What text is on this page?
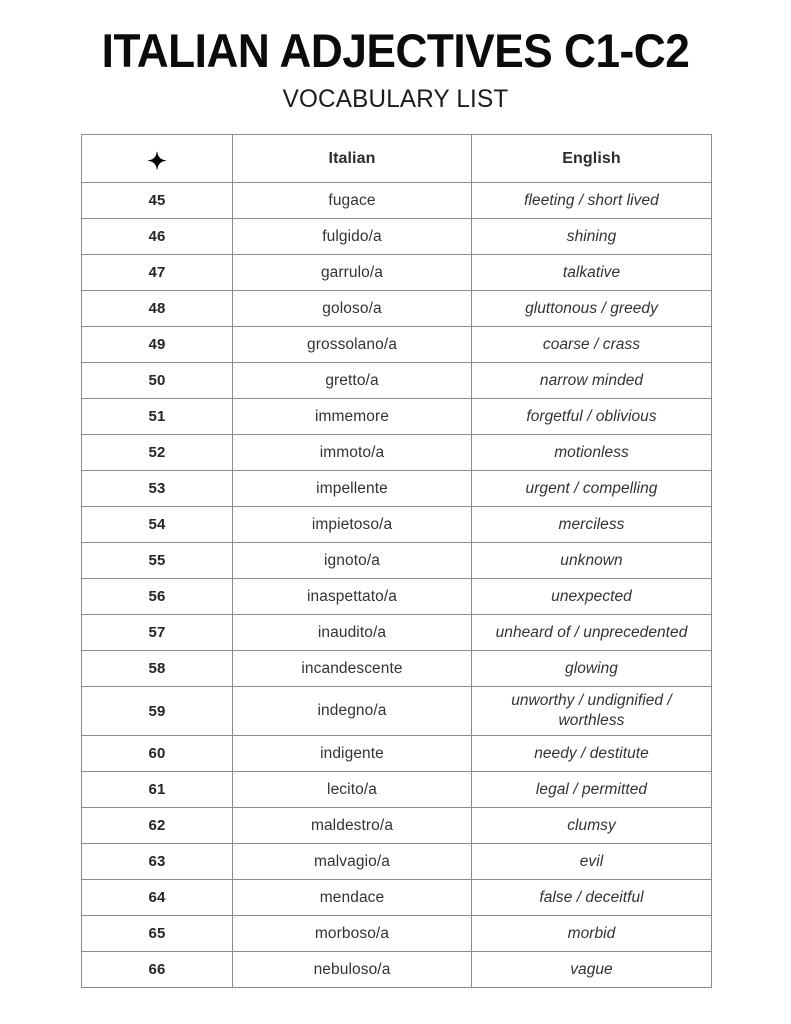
ITALIAN ADJECTIVES C1-C2
VOCABULARY LIST
✦	Italian	English
45	fugace	fleeting / short lived
46	fulgido/a	shining
47	garrulo/a	talkative
48	goloso/a	gluttonous / greedy
49	grossolano/a	coarse / crass
50	gretto/a	narrow minded
51	immemore	forgetful / oblivious
52	immoto/a	motionless
53	impellente	urgent / compelling
54	impietoso/a	merciless
55	ignoto/a	unknown
56	inaspettato/a	unexpected
57	inaudito/a	unheard of / unprecedented
58	incandescente	glowing
59	indegno/a	unworthy / undignified / worthless
60	indigente	needy / destitute
61	lecito/a	legal / permitted
62	maldestro/a	clumsy
63	malvagio/a	evil
64	mendace	false / deceitful
65	morboso/a	morbid
66	nebuloso/a	vague
